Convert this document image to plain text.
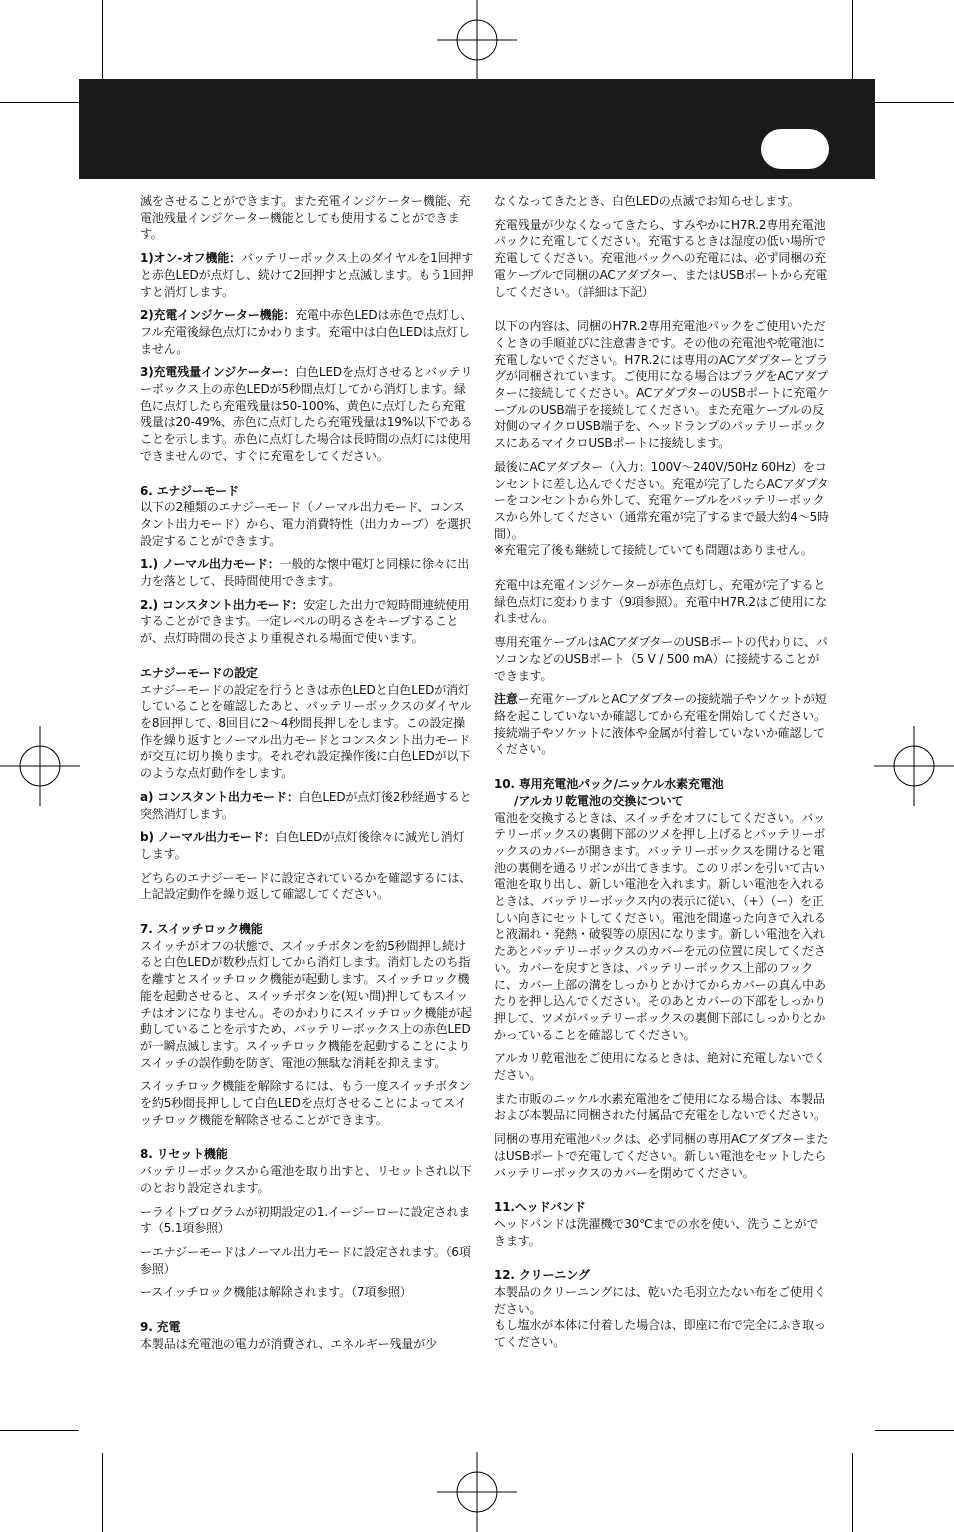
滅をさせることができます。また充電インジケーター機能、充電池残量インジケーター機能としても使用することができます。

1)オン-オフ機能：バッテリーボックス上のダイヤルを1回押すと赤色LEDが点灯し、続けて2回押すと点滅します。もう1回押すと消灯します。

2)充電インジケーター機能：充電中赤色LEDは赤色で点灯し、フル充電後緑色点灯にかわります。充電中は白色LEDは点灯しません。

3)充電残量インジケーター：白色LEDを点灯させるとバッテリーボックス上の赤色LEDが5秒間点灯してから消灯します。緑色に点灯したら充電残量は50-100%、黄色に点灯したら充電残量は20-49%、赤色に点灯したら充電残量は19%以下であることを示します。赤色に点灯した場合は長時間の点灯には使用できませんので、すぐに充電をしてください。

6. エナジーモード

以下の2種類のエナジーモード（ノーマル出力モード、コンスタント出力モード）から、電力消費特性（出力カーブ）を選択設定することができます。

1.) ノーマル出力モード：一般的な懐中電灯と同様に徐々に出力を落として、長時間使用できます。

2.) コンスタント出力モード：安定した出力で短時間連続使用することができます。一定レベルの明るさをキープすることが、点灯時間の長さより重視される場面で使います。

エナジーモードの設定

エナジーモードの設定を行うときは赤色LEDと白色LEDが消灯していることを確認したあと、バッテリーボックスのダイヤルを8回押して、8回目に2〜4秒間長押しをします。この設定操作を繰り返すとノーマル出力モードとコンスタント出力モードが交互に切り換ります。それぞれ設定操作後に白色LEDが以下のような点灯動作をします。

a) コンスタント出力モード：白色LEDが点灯後2秒経過すると突然消灯します。

b) ノーマル出力モード：白色LEDが点灯後徐々に減光し消灯します。

どちらのエナジーモードに設定されているかを確認するには、上記設定動作を繰り返して確認してください。

7. スイッチロック機能

スイッチがオフの状態で、スイッチボタンを約5秒間押し続けると白色LEDが数秒点灯してから消灯します。消灯したのち指を離すとスイッチロック機能が起動します。スイッチロック機能を起動させると、スイッチボタンを(短い間)押してもスイッチはオンになりません。そのかわりにスイッチロック機能が起動していることを示すため、バッテリーボックス上の赤色LEDが一瞬点滅します。スイッチロック機能を起動することによりスイッチの誤作動を防ぎ、電池の無駄な消耗を抑えます。

スイッチロック機能を解除するには、もう一度スイッチボタンを約5秒間長押しして白色LEDを点灯させることによってスイッチロック機能を解除させることができます。

8. リセット機能

バッテリーボックスから電池を取り出すと、リセットされ以下のとおり設定されます。

ーライトプログラムが初期設定の1.イージーローに設定されます（5.1項参照）

ーエナジーモードはノーマル出力モードに設定されます。（6項参照）

ースイッチロック機能は解除されます。（7項参照）

9. 充電

本製品は充電池の電力が消費され、エネルギー残量が少

なくなってきたとき、白色LEDの点滅でお知らせします。

充電残量が少なくなってきたら、すみやかにH7R.2専用充電池パックに充電してください。充電するときは湿度の低い場所で充電してください。充電池パックへの充電には、必ず同梱の充電ケーブルで同梱のACアダプター、またはUSBポートから充電してください。（詳細は下記）

以下の内容は、同梱のH7R.2専用充電池パックをご使用いただくときの手順並びに注意書きです。その他の充電池や乾電池に充電しないでください。H7R.2には専用のACアダプターとプラグが同梱されています。ご使用になる場合はプラグをACアダプターに接続してください。ACアダプターのUSBポートに充電ケーブルのUSB端子を接続してください。また充電ケーブルの反対側のマイクロUSB端子を、ヘッドランプのバッテリーボックスにあるマイクロUSBポートに接続します。

最後にACアダプター（入力：100V〜240V/50Hz 60Hz）をコンセントに差し込んでください。充電が完了したらACアダプターをコンセントから外して、充電ケーブルをバッテリーボックスから外してください（通常充電が完了するまで最大約4〜5時間）。
※充電完了後も継続して接続していても問題はありません。

充電中は充電インジケーターが赤色点灯し、充電が完了すると緑色点灯に変わります（9項参照）。充電中H7R.2はご使用になれません。

専用充電ケーブルはACアダプターのUSBポートの代わりに、パソコンなどのUSBポート（5 V / 500 mA）に接続することができます。

注意ー充電ケーブルとACアダプターの接続端子やソケットが短絡を起こしていないか確認してから充電を開始してください。接続端子やソケットに液体や金属が付着していないか確認してください。

10. 専用充電池パック/ニッケル水素充電池
/アルカリ乾電池の交換について

電池を交換するときは、スイッチをオフにしてください。バッテリーボックスの裏側下部のツメを押し上げるとバッテリーボックスのカバーが開きます。バッテリーボックスを開けると電池の裏側を通るリボンが出てきます。このリボンを引いて古い電池を取り出し、新しい電池を入れます。新しい電池を入れるときは、バッテリーボックス内の表示に従い、（+）（ー）を正しい向きにセットしてください。電池を間違った向きで入れると液漏れ・発熱・破裂等の原因になります。新しい電池を入れたあとバッテリーボックスのカバーを元の位置に戻してください。カバーを戻すときは、バッテリーボックス上部のフックに、カバー上部の溝をしっかりとかけてからカバーの真ん中あたりを押し込んでください。そのあとカバーの下部をしっかり押して、ツメがバッテリーボックスの裏側下部にしっかりとかかっていることを確認してください。

アルカリ乾電池をご使用になるときは、絶対に充電しないでください。

また市販のニッケル水素充電池をご使用になる場合は、本製品および本製品に同梱された付属品で充電をしないでください。

同梱の専用充電池パックは、必ず同梱の専用ACアダプターまたはUSBポートで充電してください。新しい電池をセットしたらバッテリーボックスのカバーを閉めてください。

11.ヘッドバンド

ヘッドバンドは洗濯機で30℃までの水を使い、洗うことができます。

12. クリーニング

本製品のクリーニングには、乾いた毛羽立たない布をご使用ください。
もし塩水が本体に付着した場合は、即座に布で完全にふき取ってください。
